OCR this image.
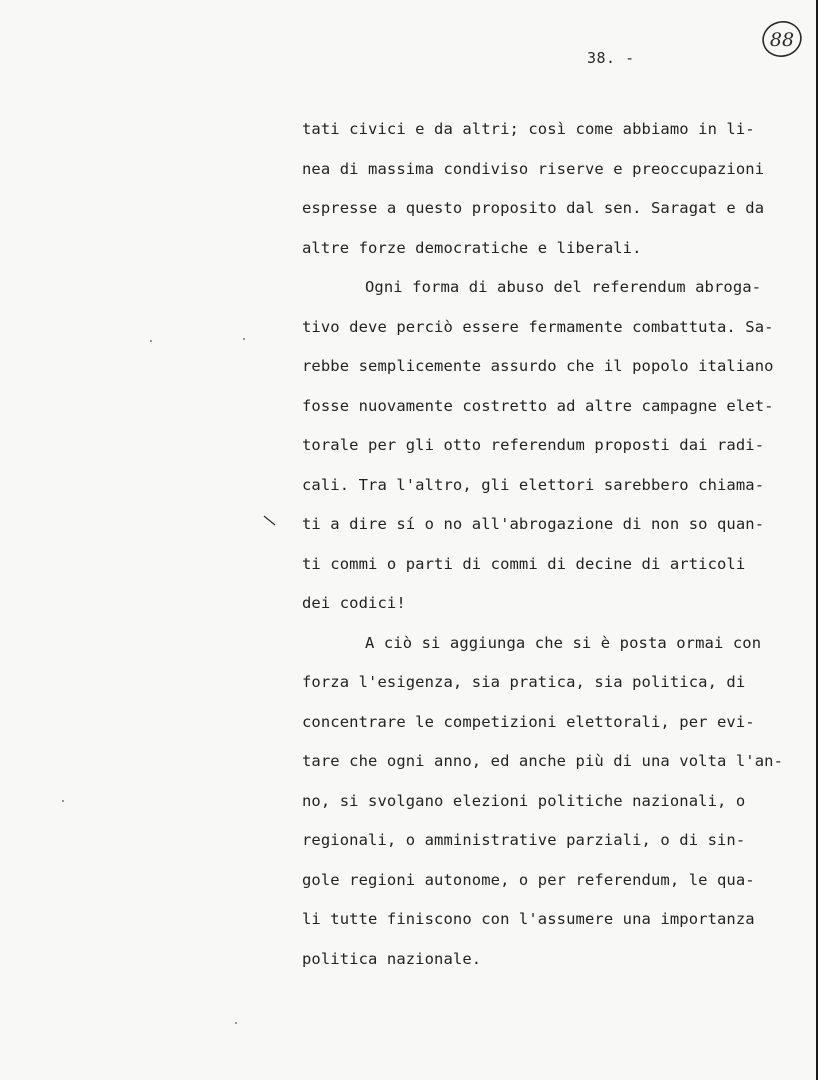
38. -
88
tati civici e da altri; così come abbiamo in li-
nea di massima condiviso riserve e preoccupazioni
espresse a questo proposito dal sen. Saragat e da
altre forze democratiche e liberali.
Ogni forma di abuso del referendum abroga-
tivo deve perciò essere fermamente combattuta. Sa-
rebbe semplicemente assurdo che il popolo italiano
fosse nuovamente costretto ad altre campagne elet-
torale per gli otto referendum proposti dai radi-
cali. Tra l'altro, gli elettori sarebbero chiama-
ti a dire sí o no all'abrogazione di non so quan-
ti commi o parti di commi di decine di articoli
dei codici!
A ciò si aggiunga che si è posta ormai con
forza l'esigenza, sia pratica, sia politica, di
concentrare le competizioni elettorali, per evi-
tare che ogni anno, ed anche più di una volta l'an-
no, si svolgano elezioni politiche nazionali, o
regionali, o amministrative parziali, o di sin-
gole regioni autonome, o per referendum, le qua-
li tutte finiscono con l'assumere una importanza
politica nazionale.
